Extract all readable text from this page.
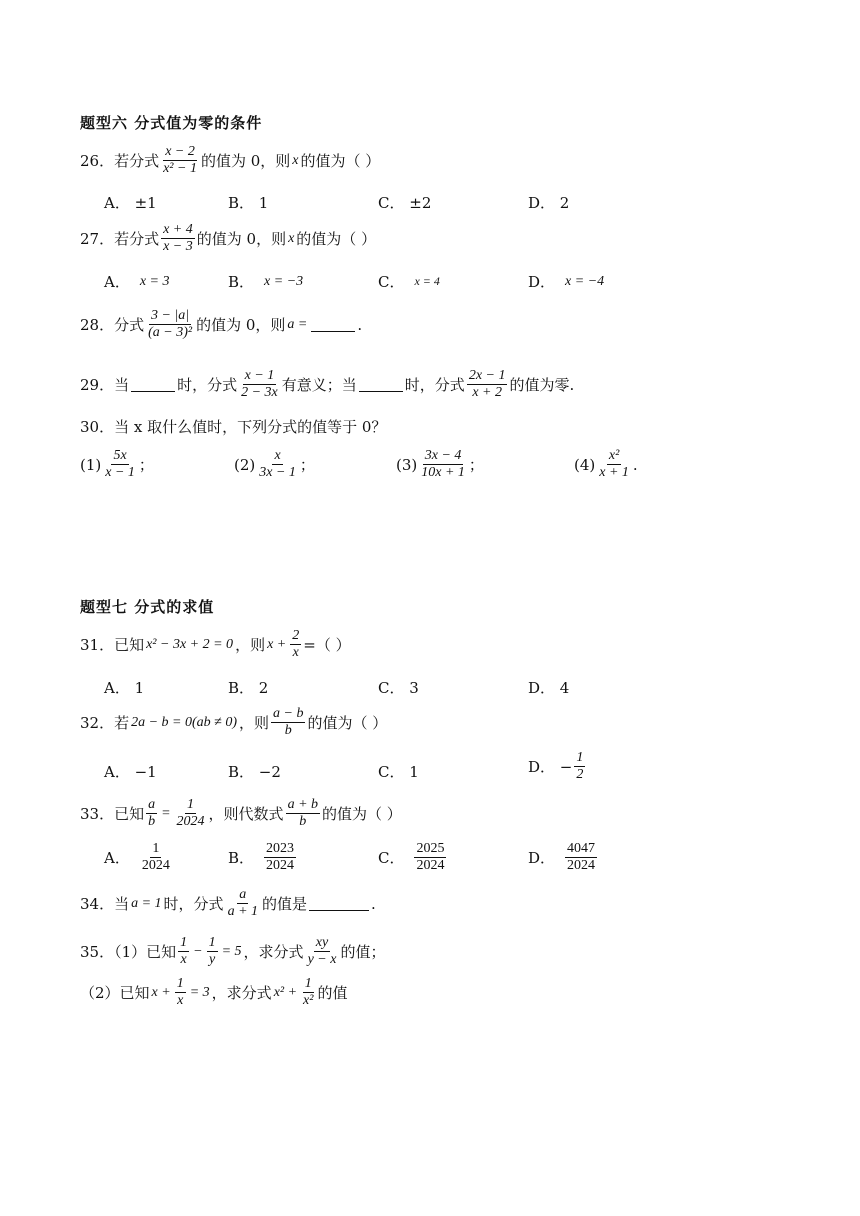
题型六 分式值为零的条件
26．若分式 $\frac{x - 2}{\text{x² − 1}}$ 的值为 0，则 x 的值为（ ）
A． ±1	B． 1	C． ±2	D． 2
27．若分式 $\frac{x + 4}{x - 3}$ 的值为 0，则 x 的值为（ ）
A． x = 3	B． x = −3	C． x = 4	D． x = −4
28．分式 $\frac{3 - |a|}{\text{(a − 3)²}}$ 的值为 0，则 a =	.
29．当	时，分式 $\frac{x - 1}{2 - 3x}$ 有意义；当	时，分式 $\frac{2x - 1}{x + 2}$ 的值为零.
30．当 x 取什么值时，下列分式的值等于 0？
$(1) \frac{5x}{x - 1}$ ；	$(2) \frac{x}{3x - 1}$ ；	$(3) \frac{3x - 4}{10x + 1}$ ；	$(4) \frac{\text{x²}}{x + 1}$ .
题型七 分式的求值
31．已知 x² − 3x + 2 = 0 ，则 $x + \frac{2}{x}$ =（ ）
A． 1	B． 2	C． 3	D． 4
32．若 2a − b = 0(ab ≠ 0) ，则 $\frac{a - b}{b}$ 的值为（ ）
A． −1	B． −2	C． 1	D． − $\frac{1}{2}$
33．已知 $\frac{a}{b} = \frac{1}{2024}$ ，则代数式 $\frac{a + b}{b}$ 的值为（ ）
A． $\frac{1}{2024}$	B． $\frac{2023}{2024}$	C． $\frac{2025}{2024}$	D． $\frac{4047}{2024}$
34．当 a = 1 时，分式 $\frac{a}{a + 1}$ 的值是	.
35．（1）已知 $\frac{1}{x} - \frac{1}{y} = 5$ ，求分式 $\frac{xy}{y - x}$ 的值；
（2）已知 $x + \frac{1}{x} = 3$ ，求分式 $x^2 + \frac{1}{\text{x²}}$ 的值
